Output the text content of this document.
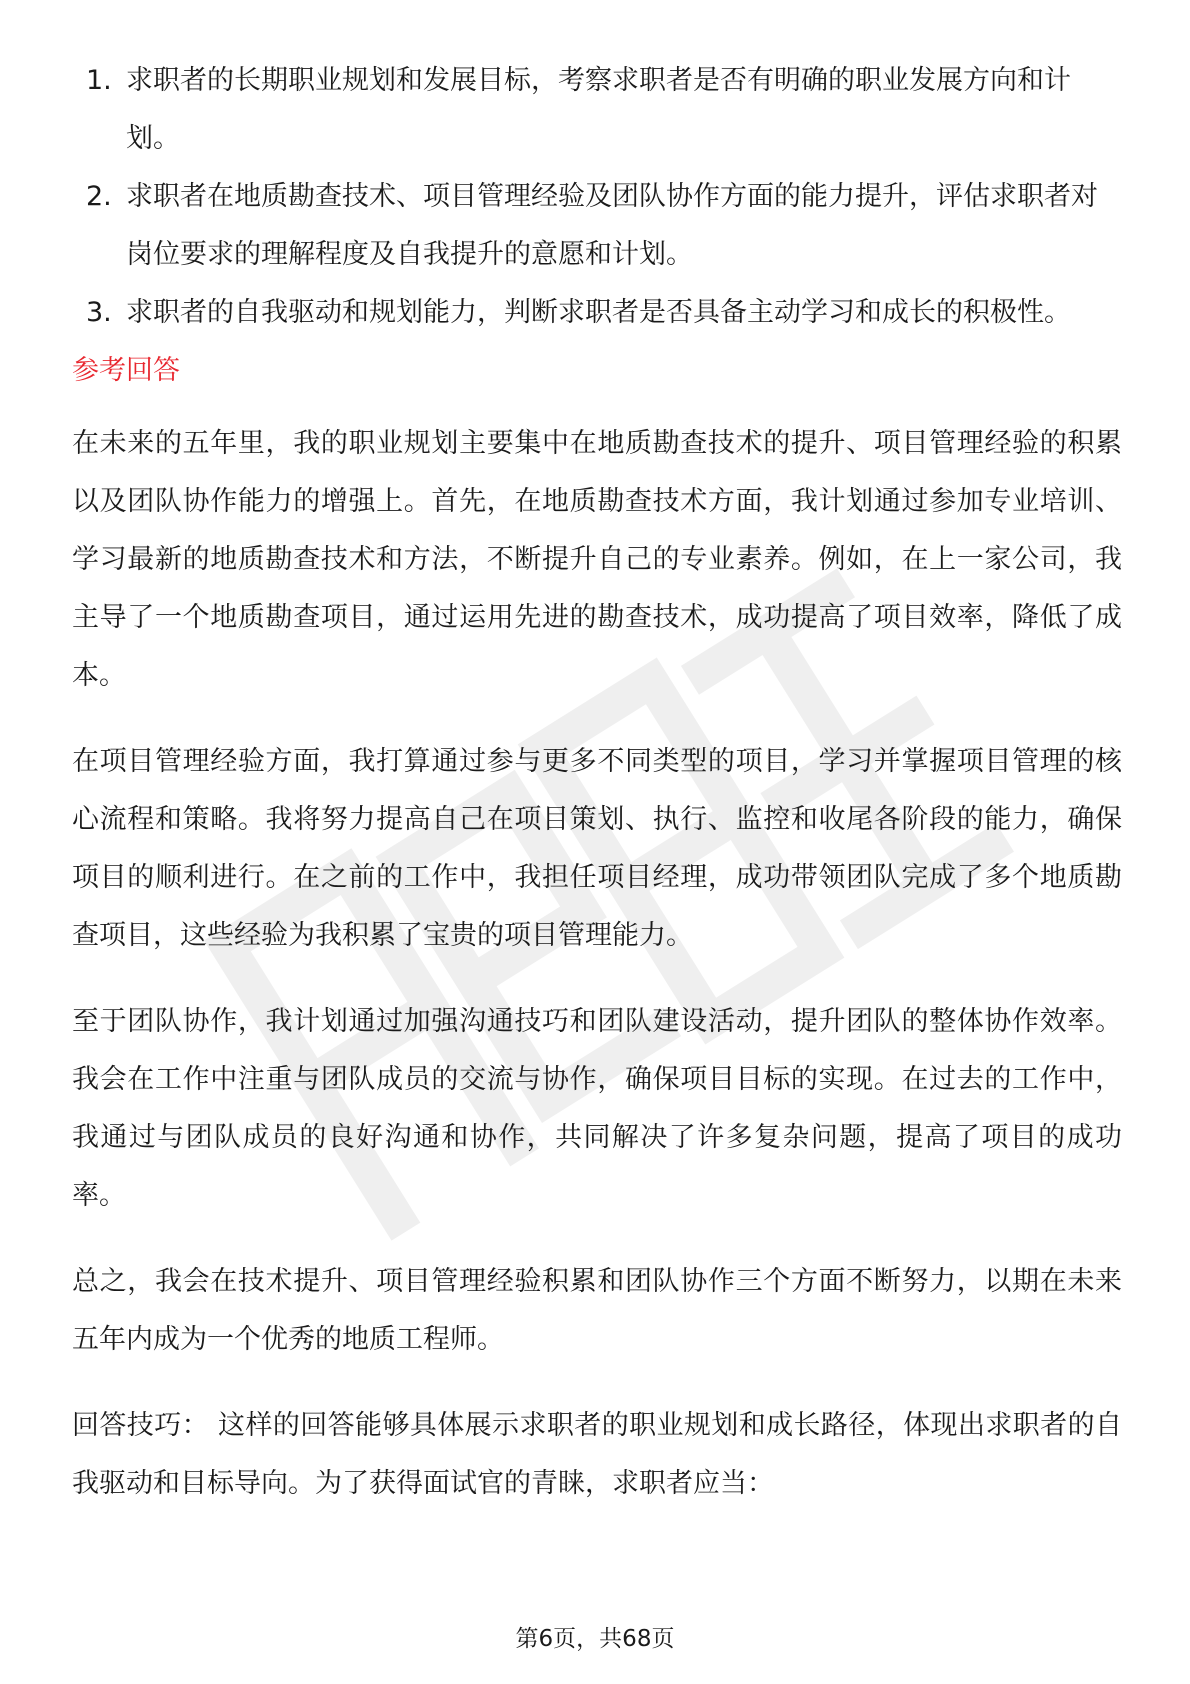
1. 求职者的长期职业规划和发展目标，考察求职者是否有明确的职业发展方向和计划。
2. 求职者在地质勘查技术、项目管理经验及团队协作方面的能力提升，评估求职者对岗位要求的理解程度及自我提升的意愿和计划。
3. 求职者的自我驱动和规划能力，判断求职者是否具备主动学习和成长的积极性。
参考回答

在未来的五年里，我的职业规划主要集中在地质勘查技术的提升、项目管理经验的积累以及团队协作能力的增强上。首先，在地质勘查技术方面，我计划通过参加专业培训、学习最新的地质勘查技术和方法，不断提升自己的专业素养。例如，在上一家公司，我主导了一个地质勘查项目，通过运用先进的勘查技术，成功提高了项目效率，降低了成本。

在项目管理经验方面，我打算通过参与更多不同类型的项目，学习并掌握项目管理的核心流程和策略。我将努力提高自己在项目策划、执行、监控和收尾各阶段的能力，确保项目的顺利进行。在之前的工作中，我担任项目经理，成功带领团队完成了多个地质勘查项目，这些经验为我积累了宝贵的项目管理能力。

至于团队协作，我计划通过加强沟通技巧和团队建设活动，提升团队的整体协作效率。我会在工作中注重与团队成员的交流与协作，确保项目目标的实现。在过去的工作中，我通过与团队成员的良好沟通和协作，共同解决了许多复杂问题，提高了项目的成功率。

总之，我会在技术提升、项目管理经验积累和团队协作三个方面不断努力，以期在未来五年内成为一个优秀的地质工程师。

回答技巧： 这样的回答能够具体展示求职者的职业规划和成长路径，体现出求职者的自我驱动和目标导向。为了获得面试官的青睐，求职者应当：

第6页，共68页
